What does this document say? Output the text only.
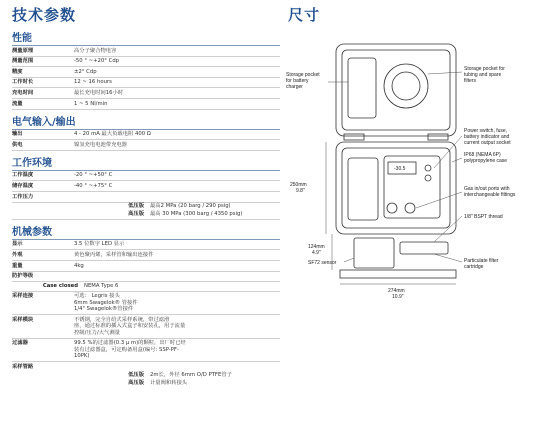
技术参数	尺寸
性能
测量原理	高分子聚合物电容
测量范围	-50 ° ~+20° Cdp
精度	±2° Cdp
工作时长	12 ~ 16 hours
充电时间	最长充电时间16小时
流量	1 ~ 5 Nl/min
电气输入/输出
输出	4 - 20 mA 最大负载电阻 400 Ω
供电	镍氢充电电池带充电器
工作环境
工作温度	-20 ° ~+50° C
储存温度	-40 ° ~+75° C
工作压力
低压版	最高2 MPa (20 barg / 290 psig)
高压版	最高 30 MPa (300 barg / 4350 psig)
机械参数
显示	3.5 位数字 LED 显示
外观	黄色聚丙烯，采样管和输出连接件
重量	4kg
防护等级
Case closed	NEMA Type 6
采样连接	可选： Legris 接头
6mm Swagelok® 管接件
1/4" Swagelok®管接件
采样模块	不锈钢，完全自给式采样系统，带过滤滑
座，通过标准的插入式盒子和安装孔，用于流量
控制/压力/大气测量
过滤器	99.5 %的过滤器(0.3 μ m)的颗粒，出厂时已经
装有过滤器盒，可定购备用盒(编号: SSP-PF-
10PK)
采样管路
低压版	2m长，外径 6mm O/D PTFE管子
高压版	计量阀和转接头
-30.5
Storage pocket
for battery
charger
Storage pocket for
tubing and spare
filters
Power switch, fuse,
battery indicator and
current output socket
IP68 (NEMA 6P)
polypropylene case
Gas in/out ports with
interchangeable fittings
1/8" BSPT thread
Particulate filter
cartridge
SF72 sensor
250mm
9.8"
124mm
4.9"
274mm
10.9"
